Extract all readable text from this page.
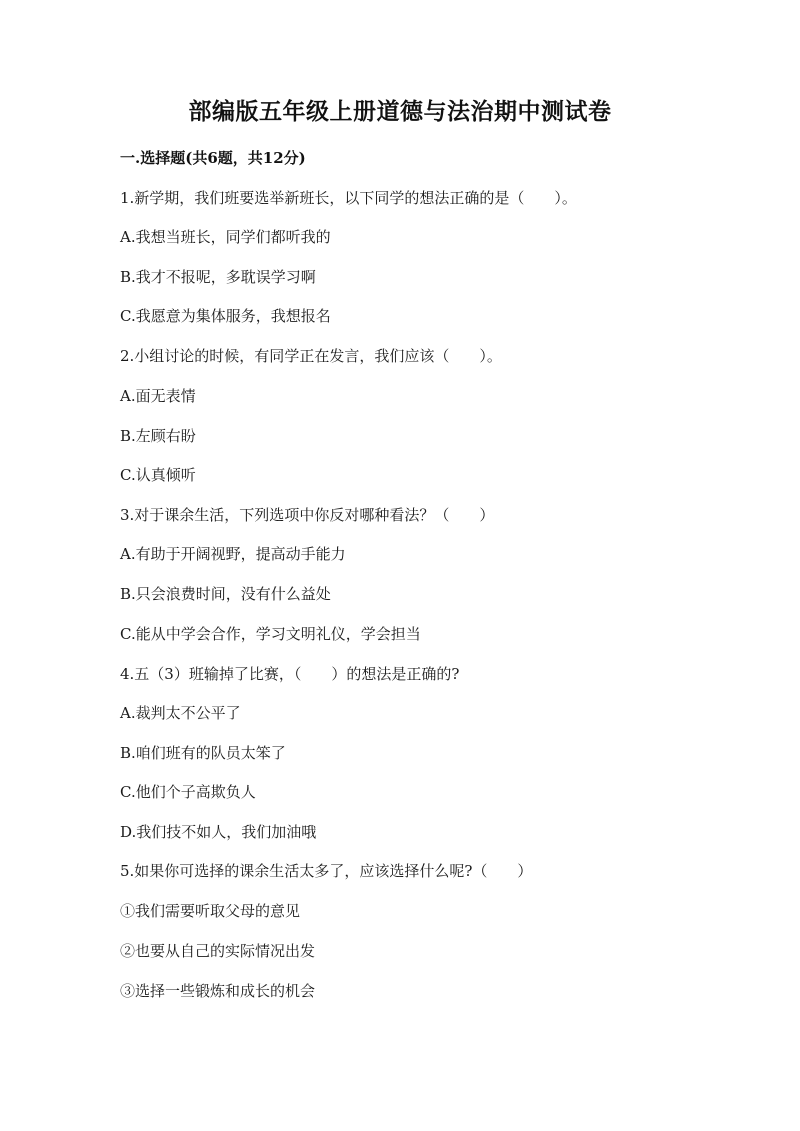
部编版五年级上册道德与法治期中测试卷
一.选择题(共6题，共12分)
1.新学期，我们班要选举新班长，以下同学的想法正确的是（　　）。
A.我想当班长，同学们都听我的
B.我才不报呢，多耽误学习啊
C.我愿意为集体服务，我想报名
2.小组讨论的时候，有同学正在发言，我们应该（　　）。
A.面无表情
B.左顾右盼
C.认真倾听
3.对于课余生活，下列选项中你反对哪种看法？（　　）
A.有助于开阔视野，提高动手能力
B.只会浪费时间，没有什么益处
C.能从中学会合作，学习文明礼仪，学会担当
4.五（3）班输掉了比赛，（　　）的想法是正确的?
A.裁判太不公平了
B.咱们班有的队员太笨了
C.他们个子高欺负人
D.我们技不如人，我们加油哦
5.如果你可选择的课余生活太多了，应该选择什么呢?（　　）
①我们需要听取父母的意见
②也要从自己的实际情况出发
③选择一些锻炼和成长的机会
